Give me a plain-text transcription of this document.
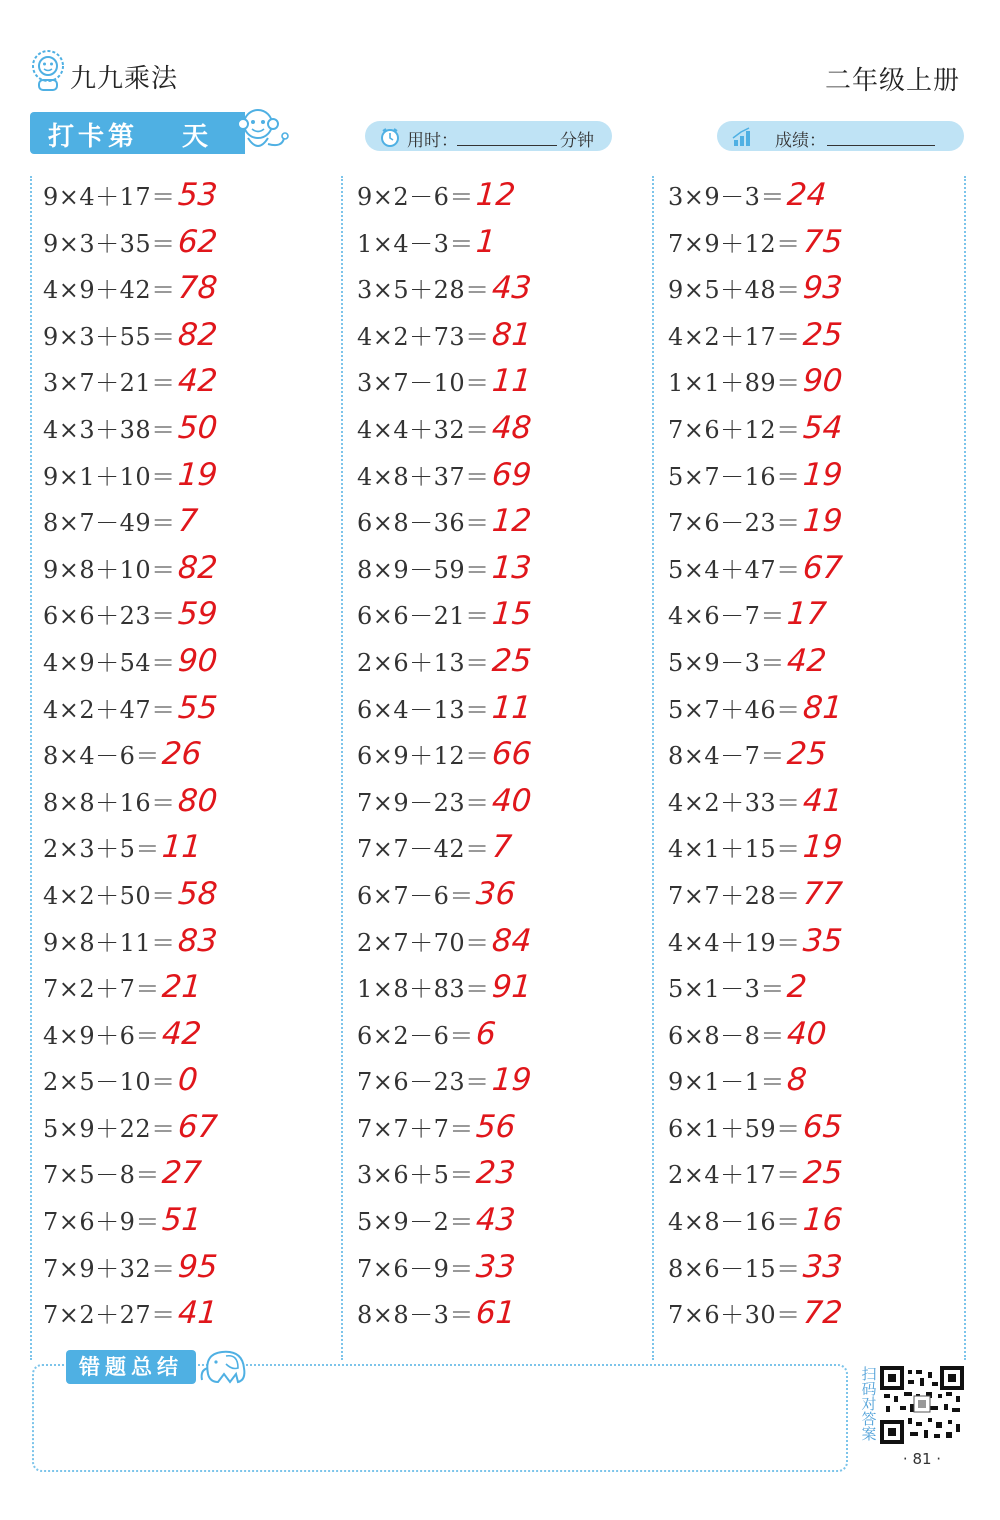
九九乘法	二年级上册
打卡第 天	用时：	分钟	成绩：
9×4＋17＝53
9×3＋35＝62
4×9＋42＝78
9×3＋55＝82
3×7＋21＝42
4×3＋38＝50
9×1＋10＝19
8×7－49＝7
9×8＋10＝82
6×6＋23＝59
4×9＋54＝90
4×2＋47＝55
8×4－6＝26
8×8＋16＝80
2×3＋5＝11
4×2＋50＝58
9×8＋11＝83
7×2＋7＝21
4×9＋6＝42
2×5－10＝0
5×9＋22＝67
7×5－8＝27
7×6＋9＝51
7×9＋32＝95
7×2＋27＝41
9×2－6＝12
1×4－3＝1
3×5＋28＝43
4×2＋73＝81
3×7－10＝11
4×4＋32＝48
4×8＋37＝69
6×8－36＝12
8×9－59＝13
6×6－21＝15
2×6＋13＝25
6×4－13＝11
6×9＋12＝66
7×9－23＝40
7×7－42＝7
6×7－6＝36
2×7＋70＝84
1×8＋83＝91
6×2－6＝6
7×6－23＝19
7×7＋7＝56
3×6＋5＝23
5×9－2＝43
7×6－9＝33
8×8－3＝61
3×9－3＝24
7×9＋12＝75
9×5＋48＝93
4×2＋17＝25
1×1＋89＝90
7×6＋12＝54
5×7－16＝19
7×6－23＝19
5×4＋47＝67
4×6－7＝17
5×9－3＝42
5×7＋46＝81
8×4－7＝25
4×2＋33＝41
4×1＋15＝19
7×7＋28＝77
4×4＋19＝35
5×1－3＝2
6×8－8＝40
9×1－1＝8
6×1＋59＝65
2×4＋17＝25
4×8－16＝16
8×6－15＝33
7×6＋30＝72
错题总结	扫码对答案
· 81 ·
